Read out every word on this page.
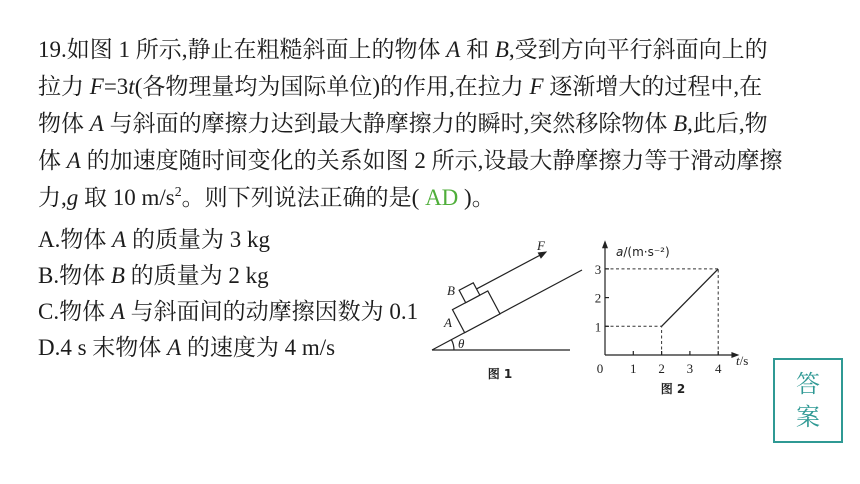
19.如图 1 所示,静止在粗糙斜面上的物体 A 和 B,受到方向平行斜面向上的
拉力 F=3t(各物理量均为国际单位)的作用,在拉力 F 逐渐增大的过程中,在
物体 A 与斜面的摩擦力达到最大静摩擦力的瞬时,突然移除物体 B,此后,物
体 A 的加速度随时间变化的关系如图 2 所示,设最大静摩擦力等于滑动摩擦
力,g 取 10 $m/s^2$。则下列说法正确的是( AD )。
A.物体 A 的质量为 3 kg
B.物体 B 的质量为 2 kg
C.物体 A 与斜面间的动摩擦因数为 0.1
D.4 s 末物体 A 的速度为 4 m/s	θ
B
A
F
图 1	0 1 2 3 4
1
2
3
a/(m·s⁻²)
t/s
图 2	答
案
